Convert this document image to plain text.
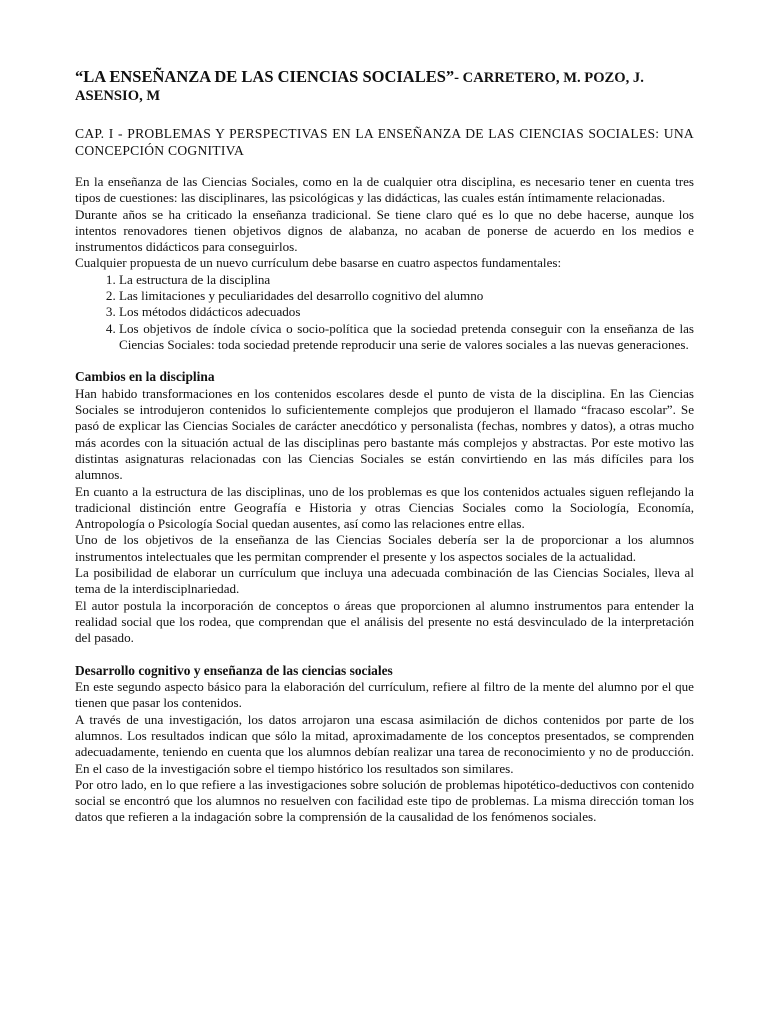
“LA ENSEÑANZA DE LAS CIENCIAS SOCIALES”- CARRETERO, M. POZO, J. ASENSIO, M
CAP. I - PROBLEMAS Y PERSPECTIVAS EN LA ENSEÑANZA DE LAS CIENCIAS SOCIALES: UNA CONCEPCIÓN COGNITIVA

En la enseñanza de las Ciencias Sociales, como en la de cualquier otra disciplina, es necesario tener en cuenta tres tipos de cuestiones: las disciplinares, las psicológicas y las didácticas, las cuales están íntimamente relacionadas.

Durante años se ha criticado la enseñanza tradicional. Se tiene claro qué es lo que no debe hacerse, aunque los intentos renovadores tienen objetivos dignos de alabanza, no acaban de ponerse de acuerdo en los medios e instrumentos didácticos para conseguirlos.

Cualquier propuesta de un nuevo currículum debe basarse en cuatro aspectos fundamentales:

1. La estructura de la disciplina
2. Las limitaciones y peculiaridades del desarrollo cognitivo del alumno
3. Los métodos didácticos adecuados
4. Los objetivos de índole cívica o socio-política que la sociedad pretenda conseguir con la enseñanza de las Ciencias Sociales: toda sociedad pretende reproducir una serie de valores sociales a las nuevas generaciones.
Cambios en la disciplina

Han habido transformaciones en los contenidos escolares desde el punto de vista de la disciplina. En las Ciencias Sociales se introdujeron contenidos lo suficientemente complejos que produjeron el llamado “fracaso escolar”. Se pasó de explicar las Ciencias Sociales de carácter anecdótico y personalista (fechas, nombres y datos), a otras mucho más acordes con la situación actual de las disciplinas pero bastante más complejos y abstractas. Por este motivo las distintas asignaturas relacionadas con las Ciencias Sociales se están convirtiendo en las más difíciles para los alumnos.

En cuanto a la estructura de las disciplinas, uno de los problemas es que los contenidos actuales siguen reflejando la tradicional distinción entre Geografía e Historia y otras Ciencias Sociales como la Sociología, Economía, Antropología o Psicología Social quedan ausentes, así como las relaciones entre ellas.

Uno de los objetivos de la enseñanza de las Ciencias Sociales debería ser la de proporcionar a los alumnos instrumentos intelectuales que les permitan comprender el presente y los aspectos sociales de la actualidad.

La posibilidad de elaborar un currículum que incluya una adecuada combinación de las Ciencias Sociales, lleva al tema de la interdisciplnariedad.

El autor postula la incorporación de conceptos o áreas que proporcionen al alumno instrumentos para entender la realidad social que los rodea, que comprendan que el análisis del presente no está desvinculado de la interpretación del pasado.

Desarrollo cognitivo y enseñanza de las ciencias sociales

En este segundo aspecto básico para la elaboración del currículum, refiere al filtro de la mente del alumno por el que tienen que pasar los contenidos.

A través de una investigación, los datos arrojaron una escasa asimilación de dichos contenidos por parte de los alumnos. Los resultados indican que sólo la mitad, aproximadamente de los conceptos presentados, se comprenden adecuadamente, teniendo en cuenta que los alumnos debían realizar una tarea de reconocimiento y no de producción. En el caso de la investigación sobre el tiempo histórico los resultados son similares.

Por otro lado, en lo que refiere a las investigaciones sobre solución de problemas hipotético-deductivos con contenido social se encontró que los alumnos no resuelven con facilidad este tipo de problemas. La misma dirección toman los datos que refieren a la indagación sobre la comprensión de la causalidad de los fenómenos sociales.
